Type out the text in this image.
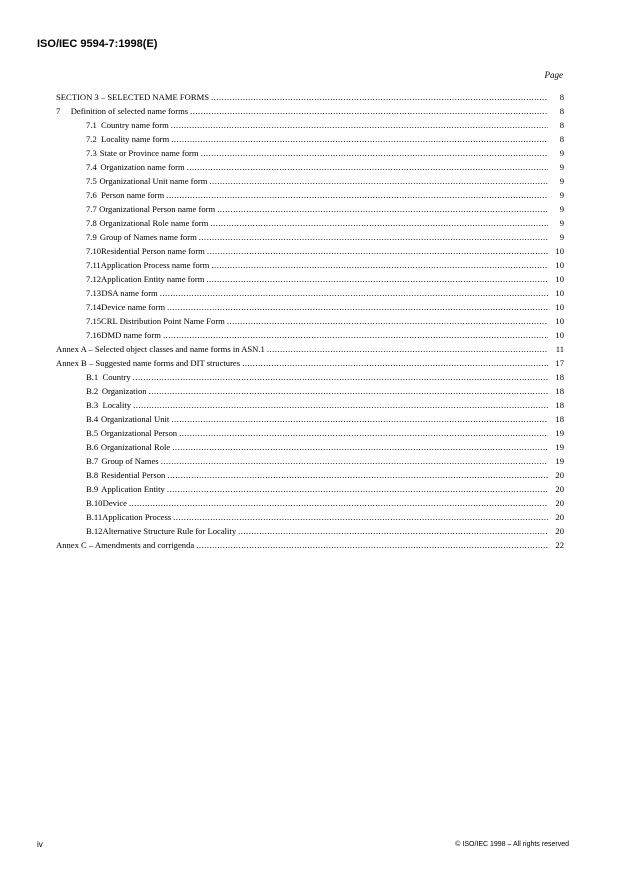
ISO/IEC 9594-7:1998(E)
Page
SECTION 3 – SELECTED NAME FORMS .....	8
7	Definition of selected name forms .....	8
7.1 Country name form .....	8
7.2 Locality name form .....	8
7.3 State or Province name form .....	9
7.4 Organization name form .....	9
7.5 Organizational Unit name form .....	9
7.6 Person name form .....	9
7.7 Organizational Person name form .....	9
7.8 Organizational Role name form .....	9
7.9 Group of Names name form .....	9
7.10 Residential Person name form .....	10
7.11 Application Process name form .....	10
7.12 Application Entity name form .....	10
7.13 DSA name form .....	10
7.14 Device name form .....	10
7.15 CRL Distribution Point Name Form .....	10
7.16 DMD name form .....	10
Annex A – Selected object classes and name forms in ASN.1 .....	11
Annex B – Suggested name forms and DIT structures .....	17
B.1 Country .....	18
B.2 Organization .....	18
B.3 Locality .....	18
B.4 Organizational Unit .....	18
B.5 Organizational Person .....	19
B.6 Organizational Role .....	19
B.7 Group of Names .....	19
B.8 Residential Person .....	20
B.9 Application Entity .....	20
B.10 Device .....	20
B.11 Application Process .....	20
B.12 Alternative Structure Rule for Locality .....	20
Annex C – Amendments and corrigenda .....	22
iv	© ISO/IEC 1998 – All rights reserved
